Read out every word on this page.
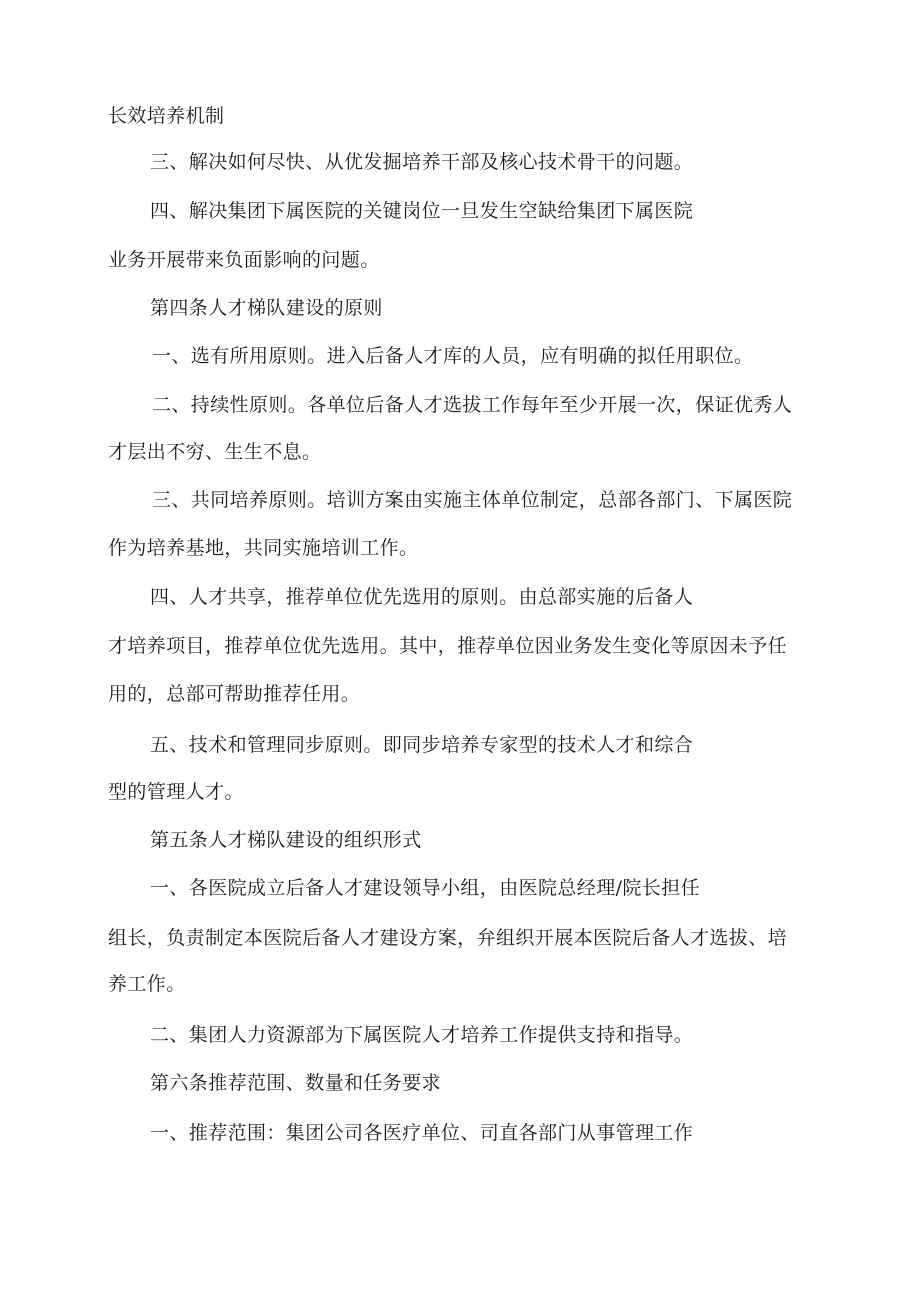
长效培养机制
三、解决如何尽快、从优发掘培养干部及核心技术骨干的问题。
四、解决集团下属医院的关键岗位一旦发生空缺给集团下属医院
业务开展带来负面影响的问题。
第四条人才梯队建设的原则
一、选有所用原则。进入后备人才库的人员，应有明确的拟任用职位。
二、持续性原则。各单位后备人才选拔工作每年至少开展一次，保证优秀人
才层出不穷、生生不息。
三、共同培养原则。培训方案由实施主体单位制定，总部各部门、下属医院
作为培养基地，共同实施培训工作。
四、人才共享，推荐单位优先选用的原则。由总部实施的后备人
才培养项目，推荐单位优先选用。其中，推荐单位因业务发生变化等原因未予任
用的，总部可帮助推荐任用。
五、技术和管理同步原则。即同步培养专家型的技术人才和综合
型的管理人才。
第五条人才梯队建设的组织形式
一、各医院成立后备人才建设领导小组，由医院总经理/院长担任
组长，负责制定本医院后备人才建设方案，弁组织开展本医院后备人才选拔、培
养工作。
二、集团人力资源部为下属医院人才培养工作提供支持和指导。
第六条推荐范围、数量和任务要求
一、推荐范围：集团公司各医疗单位、司直各部门从事管理工作
